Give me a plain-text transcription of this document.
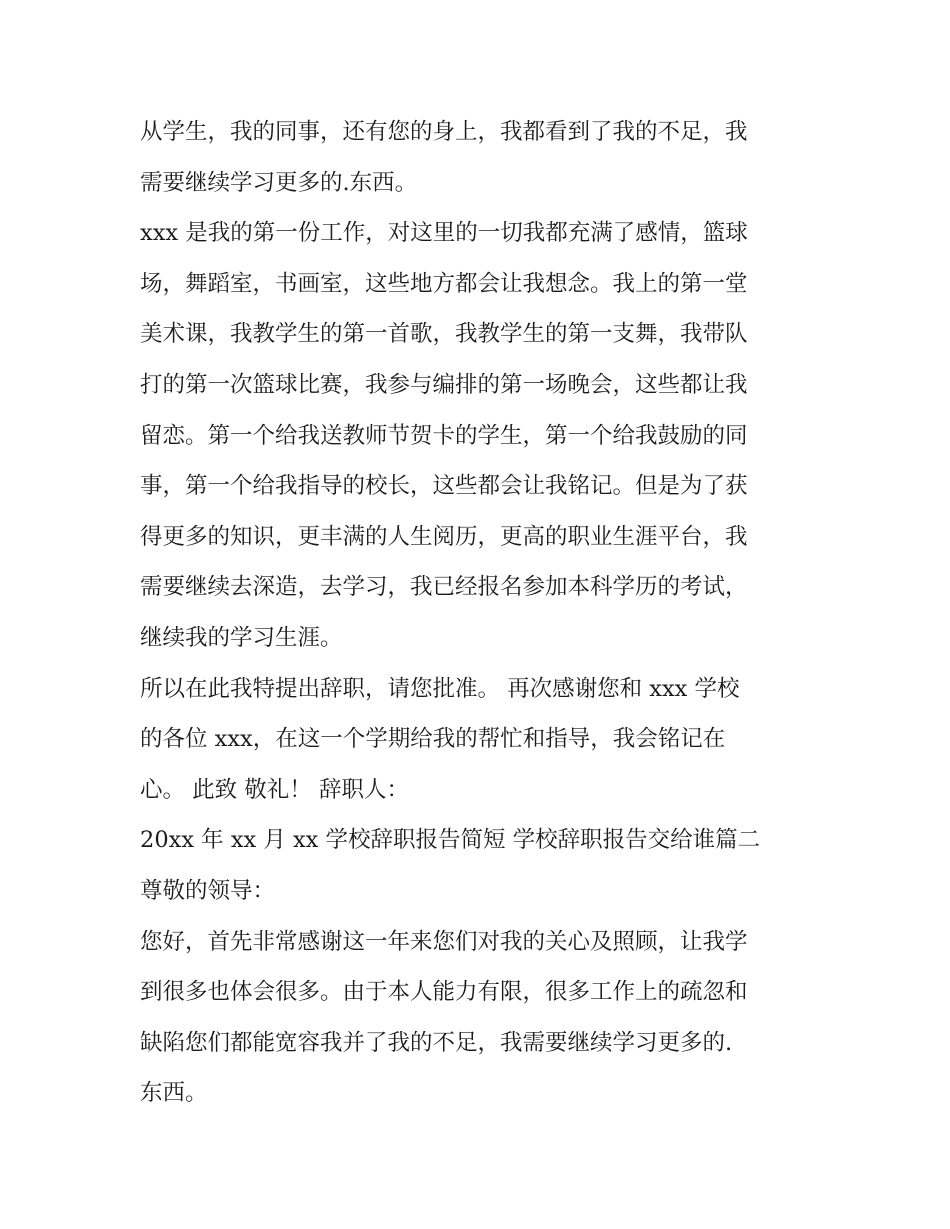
从学生，我的同事，还有您的身上，我都看到了我的不足，我
需要继续学习更多的.东西。
xxx 是我的第一份工作，对这里的一切我都充满了感情，篮球
场，舞蹈室，书画室，这些地方都会让我想念。我上的第一堂
美术课，我教学生的第一首歌，我教学生的第一支舞，我带队
打的第一次篮球比赛，我参与编排的第一场晚会，这些都让我
留恋。第一个给我送教师节贺卡的学生，第一个给我鼓励的同
事，第一个给我指导的校长，这些都会让我铭记。但是为了获
得更多的知识，更丰满的人生阅历，更高的职业生涯平台，我
需要继续去深造，去学习，我已经报名参加本科学历的考试，
继续我的学习生涯。
所以在此我特提出辞职，请您批准。 再次感谢您和 xxx 学校
的各位 xxx，在这一个学期给我的帮忙和指导，我会铭记在
心。 此致 敬礼！ 辞职人：
20xx 年 xx 月 xx 学校辞职报告简短 学校辞职报告交给谁篇二
尊敬的领导：
您好，首先非常感谢这一年来您们对我的关心及照顾，让我学
到很多也体会很多。由于本人能力有限，很多工作上的疏忽和
缺陷您们都能宽容我并了我的不足，我需要继续学习更多的.
东西。
